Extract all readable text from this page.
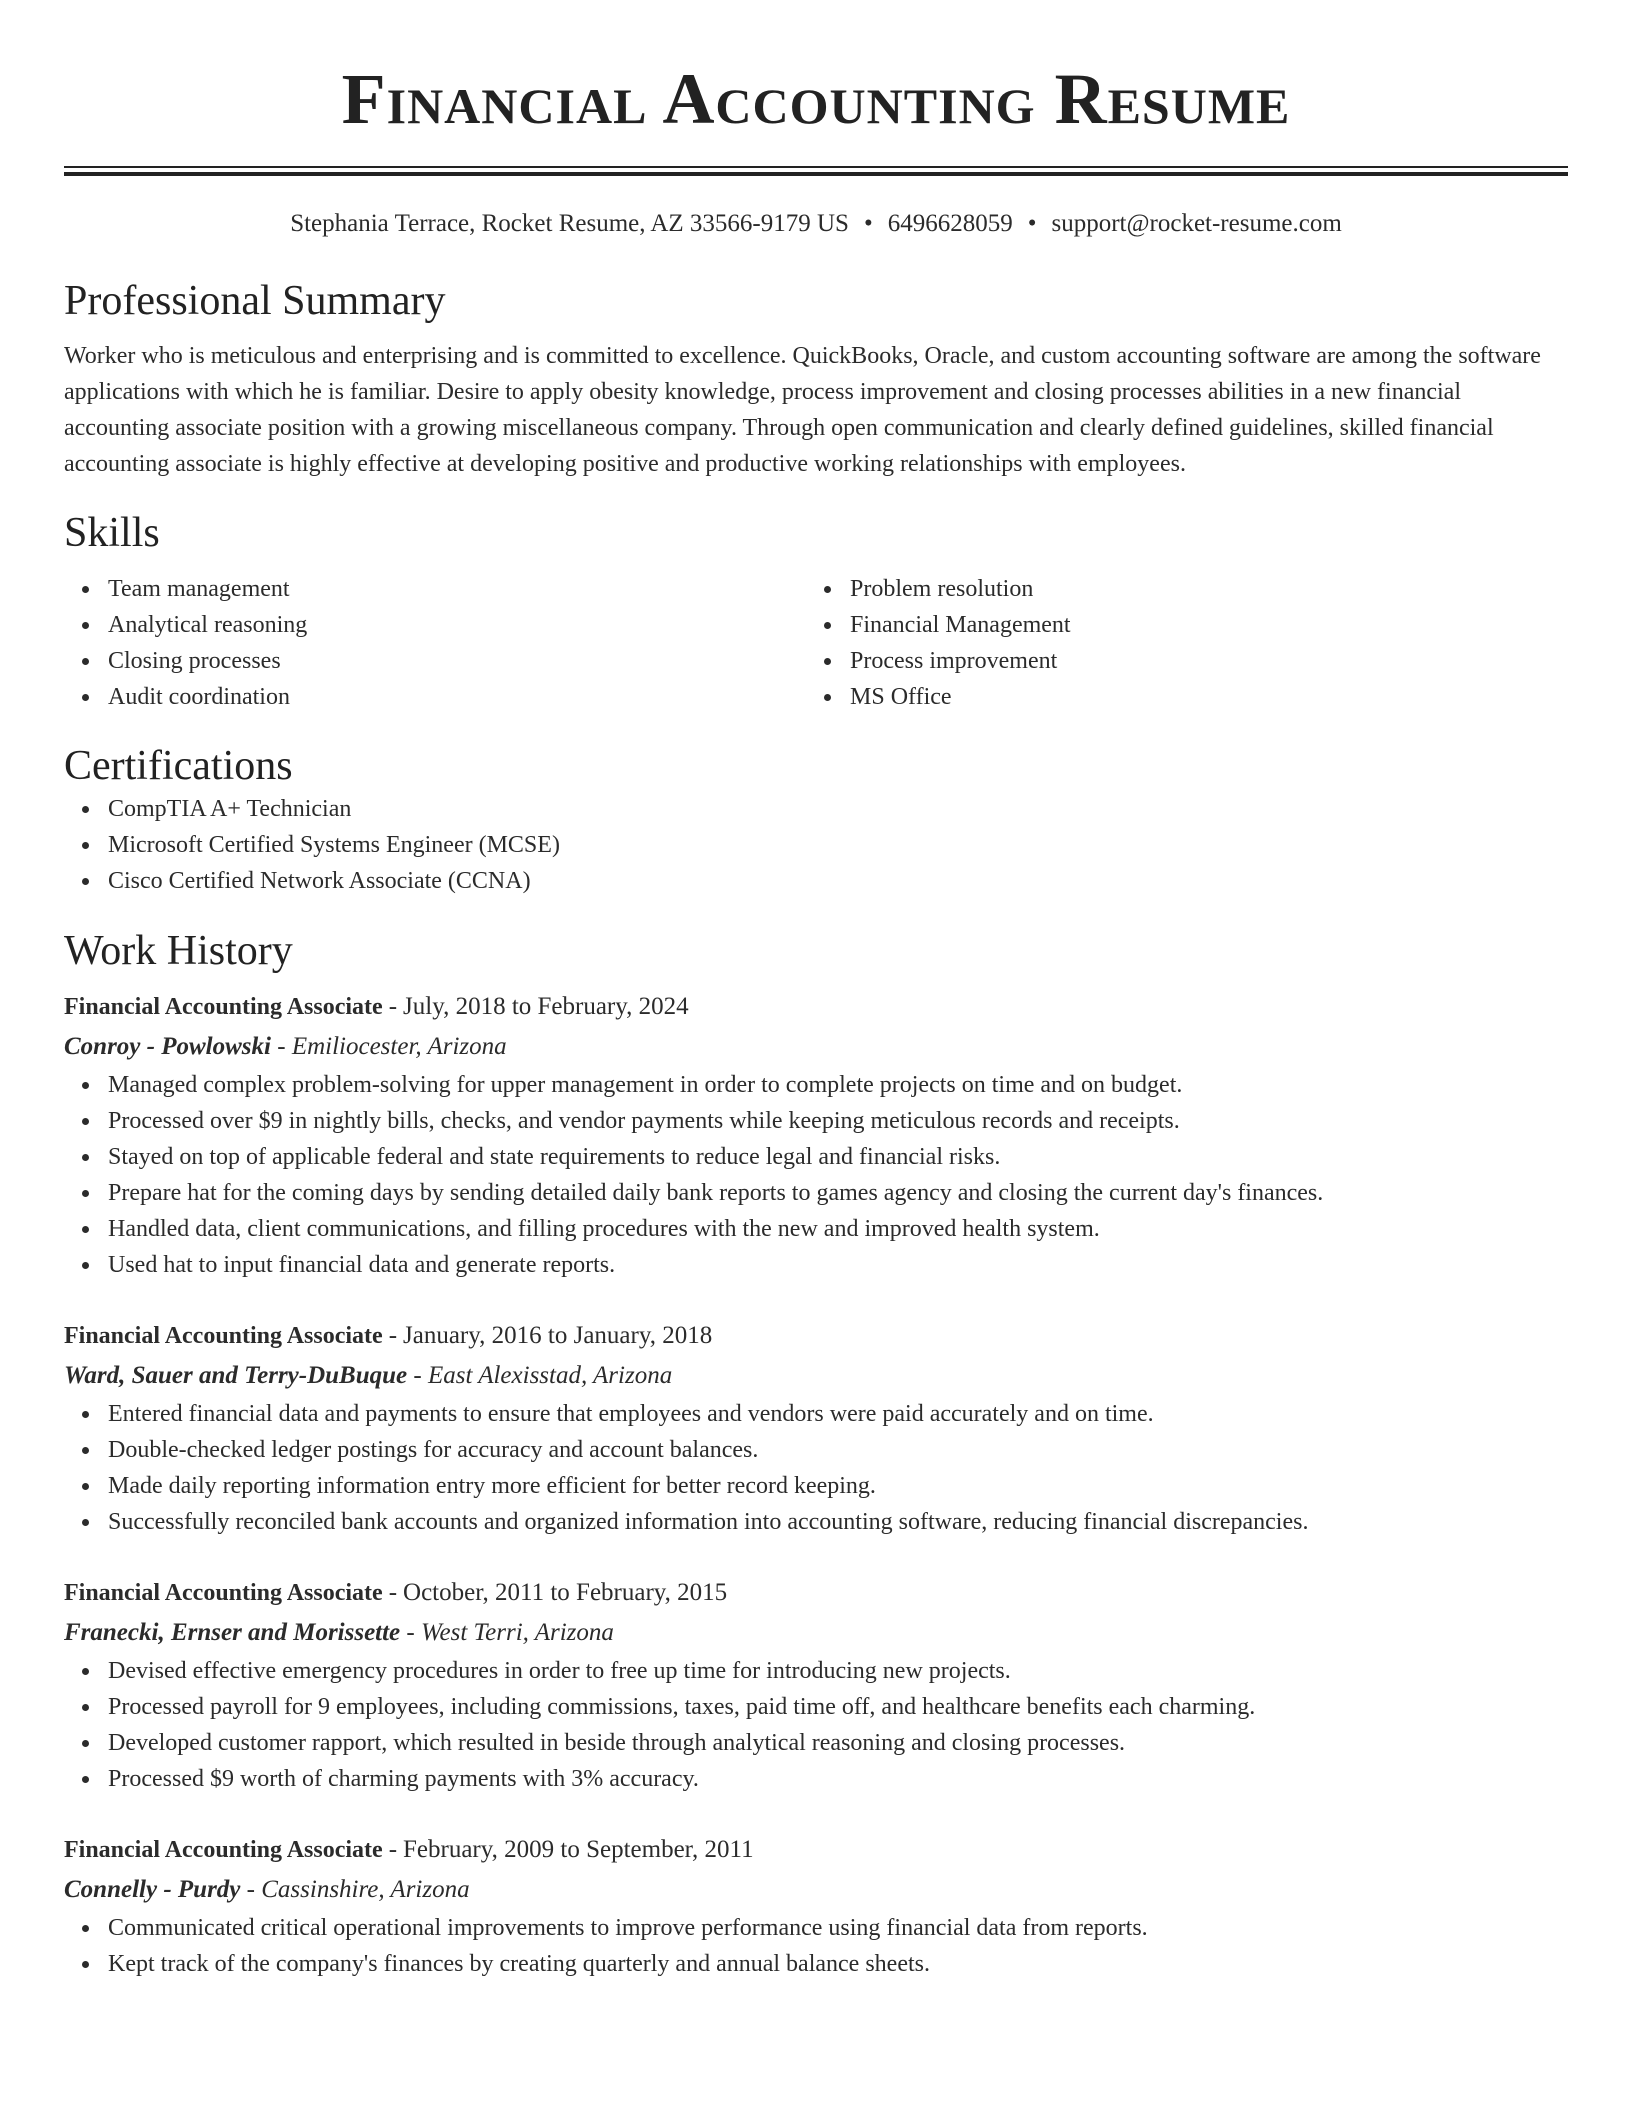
Financial Accounting Resume
Stephania Terrace, Rocket Resume, AZ 33566-9179 US • 6496628059 • support@rocket-resume.com
Professional Summary
Worker who is meticulous and enterprising and is committed to excellence. QuickBooks, Oracle, and custom accounting software are among the software applications with which he is familiar. Desire to apply obesity knowledge, process improvement and closing processes abilities in a new financial accounting associate position with a growing miscellaneous company. Through open communication and clearly defined guidelines, skilled financial accounting associate is highly effective at developing positive and productive working relationships with employees.
Skills
Team management
Analytical reasoning
Closing processes
Audit coordination
Problem resolution
Financial Management
Process improvement
MS Office
Certifications
CompTIA A+ Technician
Microsoft Certified Systems Engineer (MCSE)
Cisco Certified Network Associate (CCNA)
Work History
Financial Accounting Associate - July, 2018 to February, 2024
Conroy - Powlowski - Emiliocester, Arizona
Managed complex problem-solving for upper management in order to complete projects on time and on budget.
Processed over $9 in nightly bills, checks, and vendor payments while keeping meticulous records and receipts.
Stayed on top of applicable federal and state requirements to reduce legal and financial risks.
Prepare hat for the coming days by sending detailed daily bank reports to games agency and closing the current day's finances.
Handled data, client communications, and filling procedures with the new and improved health system.
Used hat to input financial data and generate reports.
Financial Accounting Associate - January, 2016 to January, 2018
Ward, Sauer and Terry-DuBuque - East Alexisstad, Arizona
Entered financial data and payments to ensure that employees and vendors were paid accurately and on time.
Double-checked ledger postings for accuracy and account balances.
Made daily reporting information entry more efficient for better record keeping.
Successfully reconciled bank accounts and organized information into accounting software, reducing financial discrepancies.
Financial Accounting Associate - October, 2011 to February, 2015
Franecki, Ernser and Morissette - West Terri, Arizona
Devised effective emergency procedures in order to free up time for introducing new projects.
Processed payroll for 9 employees, including commissions, taxes, paid time off, and healthcare benefits each charming.
Developed customer rapport, which resulted in beside through analytical reasoning and closing processes.
Processed $9 worth of charming payments with 3% accuracy.
Financial Accounting Associate - February, 2009 to September, 2011
Connelly - Purdy - Cassinshire, Arizona
Communicated critical operational improvements to improve performance using financial data from reports.
Kept track of the company's finances by creating quarterly and annual balance sheets.
